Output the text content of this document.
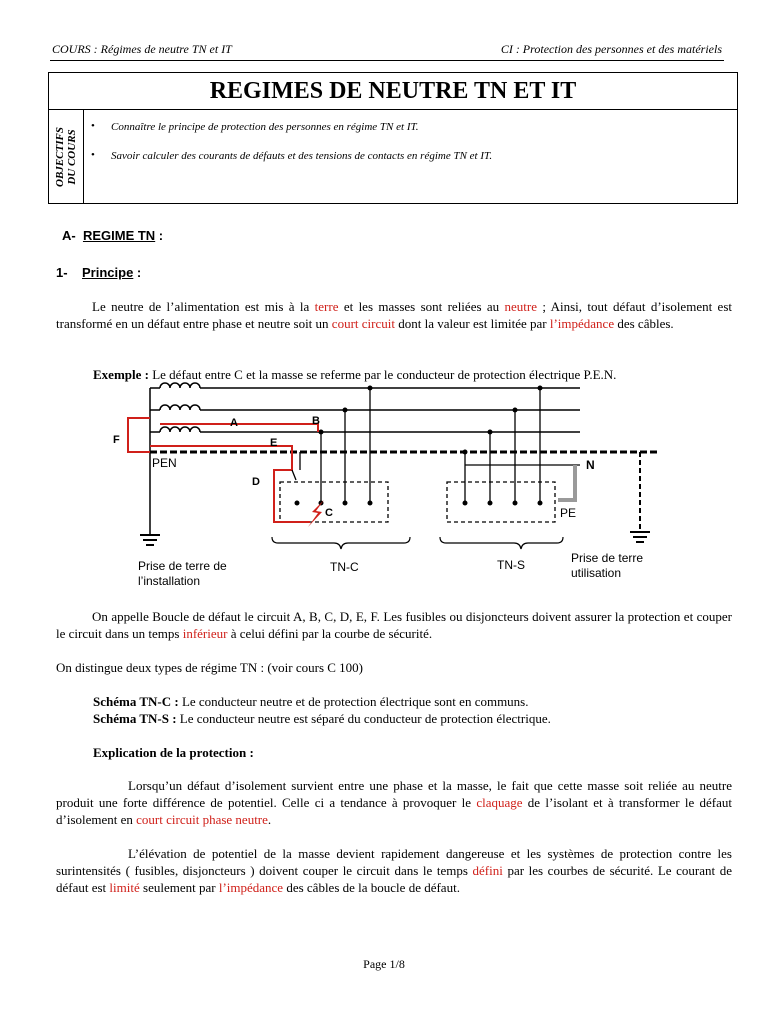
COURS : Régimes de neutre TN et IT	CI : Protection des personnes et des matériels
REGIMES DE NEUTRE TN ET IT
OBJECTIFS DU COURS
• Connaître le principe de protection des personnes en régime TN et IT.
• Savoir calculer des courants de défauts et des tensions de contacts en régime TN et IT.
A- REGIME TN :
1- Principe :
Le neutre de l’alimentation est mis à la terre et les masses sont reliées au neutre ; Ainsi, tout défaut d’isolement est transformé en un défaut entre phase et neutre soit un court circuit dont la valeur est limitée par l’impédance des câbles.
Exemple : Le défaut entre C et la masse se referme par le conducteur de protection électrique P.E.N.
A	B
C
D
E
F
PEN	N
PE
Prise de terre de
l’installation
TN-C	TN-S	Prise de terre
utilisation
On appelle Boucle de défaut le circuit A, B, C, D, E, F. Les fusibles ou disjoncteurs doivent assurer la protection et couper le circuit dans un temps inférieur à celui défini par la courbe de sécurité.
On distingue deux types de régime TN : (voir cours C 100)
Schéma TN-C : Le conducteur neutre et de protection électrique sont en communs.
Schéma TN-S : Le conducteur neutre est séparé du conducteur de protection électrique.
Explication de la protection :
Lorsqu’un défaut d’isolement survient entre une phase et la masse, le fait que cette masse soit reliée au neutre produit une forte différence de potentiel. Celle ci a tendance à provoquer le claquage de l’isolant et à transformer le défaut d’isolement en court circuit phase neutre.
L’élévation de potentiel de la masse devient rapidement dangereuse et les systèmes de protection contre les surintensités ( fusibles, disjoncteurs ) doivent couper le circuit dans le temps défini par les courbes de sécurité. Le courant de défaut est limité seulement par l’impédance des câbles de la boucle de défaut.
Page 1/8
